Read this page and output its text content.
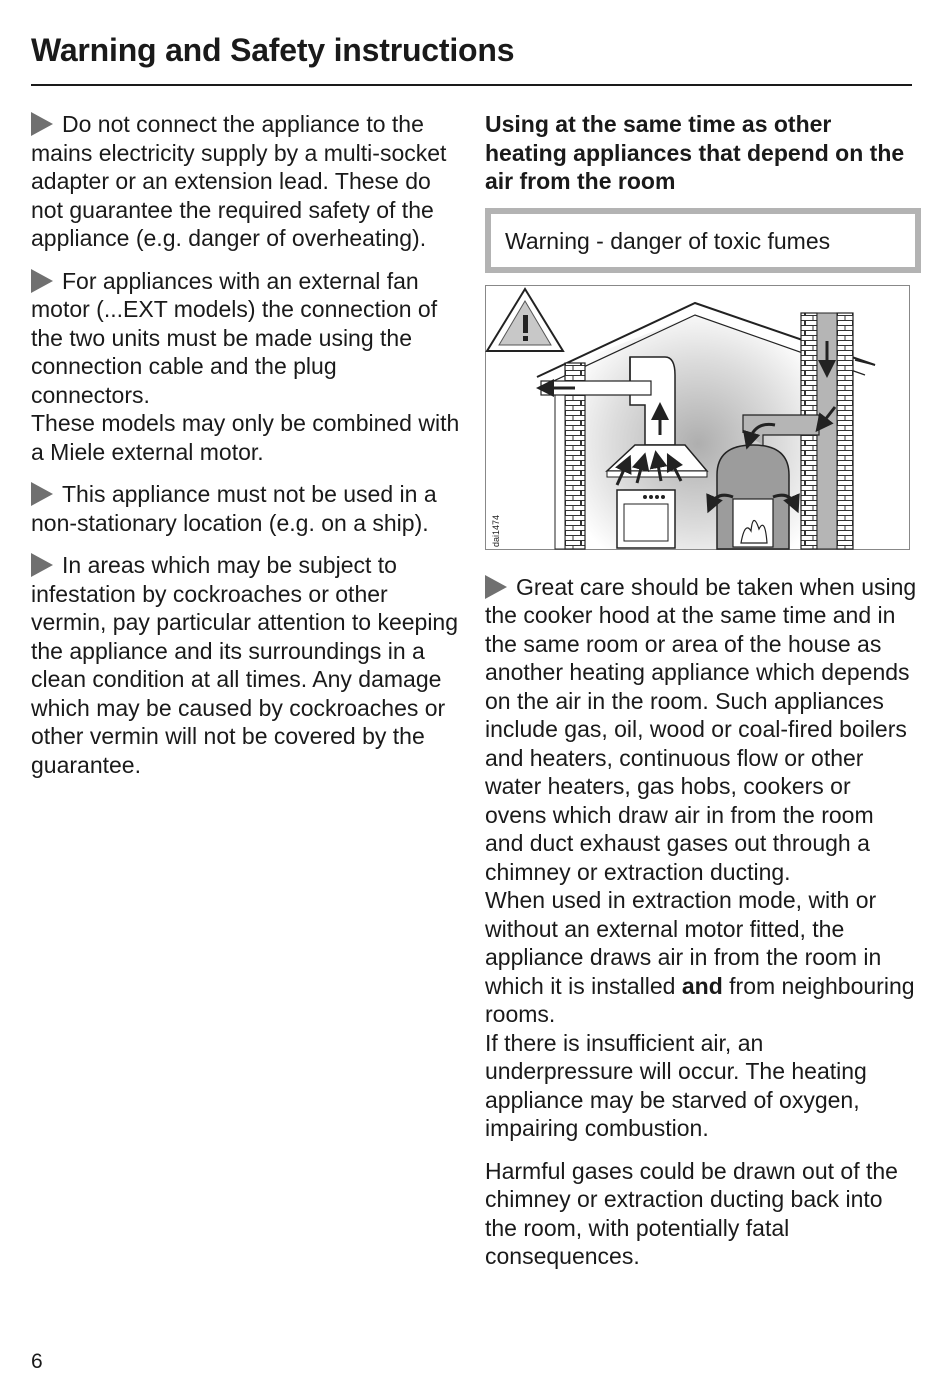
Warning and Safety instructions

Do not connect the appliance to the mains electricity supply by a multi-socket adapter or an extension lead. These do not guarantee the required safety of the appliance (e.g. danger of overheating).

For appliances with an external fan motor (...EXT models) the connection of the two units must be made using the connection cable and the plug connectors.
These models may only be combined with a Miele external motor.

This appliance must not be used in a non-stationary location (e.g. on a ship).

In areas which may be subject to infestation by cockroaches or other vermin, pay particular attention to keeping the appliance and its surroundings in a clean condition at all times. Any damage which may be caused by cockroaches or other vermin will not be covered by the guarantee.

Using at the same time as other heating appliances that depend on the air from the room

Warning - danger of toxic fumes
dai1474

Great care should be taken when using the cooker hood at the same time and in the same room or area of the house as another heating appliance which depends on the air in the room. Such appliances include gas, oil, wood or coal-fired boilers and heaters, continuous flow or other water heaters, gas hobs, cookers or ovens which draw air in from the room and duct exhaust gases out through a chimney or extraction ducting.
When used in extraction mode, with or without an external motor fitted, the appliance draws air in from the room in which it is installed and from neighbouring rooms.
If there is insufficient air, an underpressure will occur. The heating appliance may be starved of oxygen, impairing combustion.

Harmful gases could be drawn out of the chimney or extraction ducting back into the room, with potentially fatal consequences.

6
